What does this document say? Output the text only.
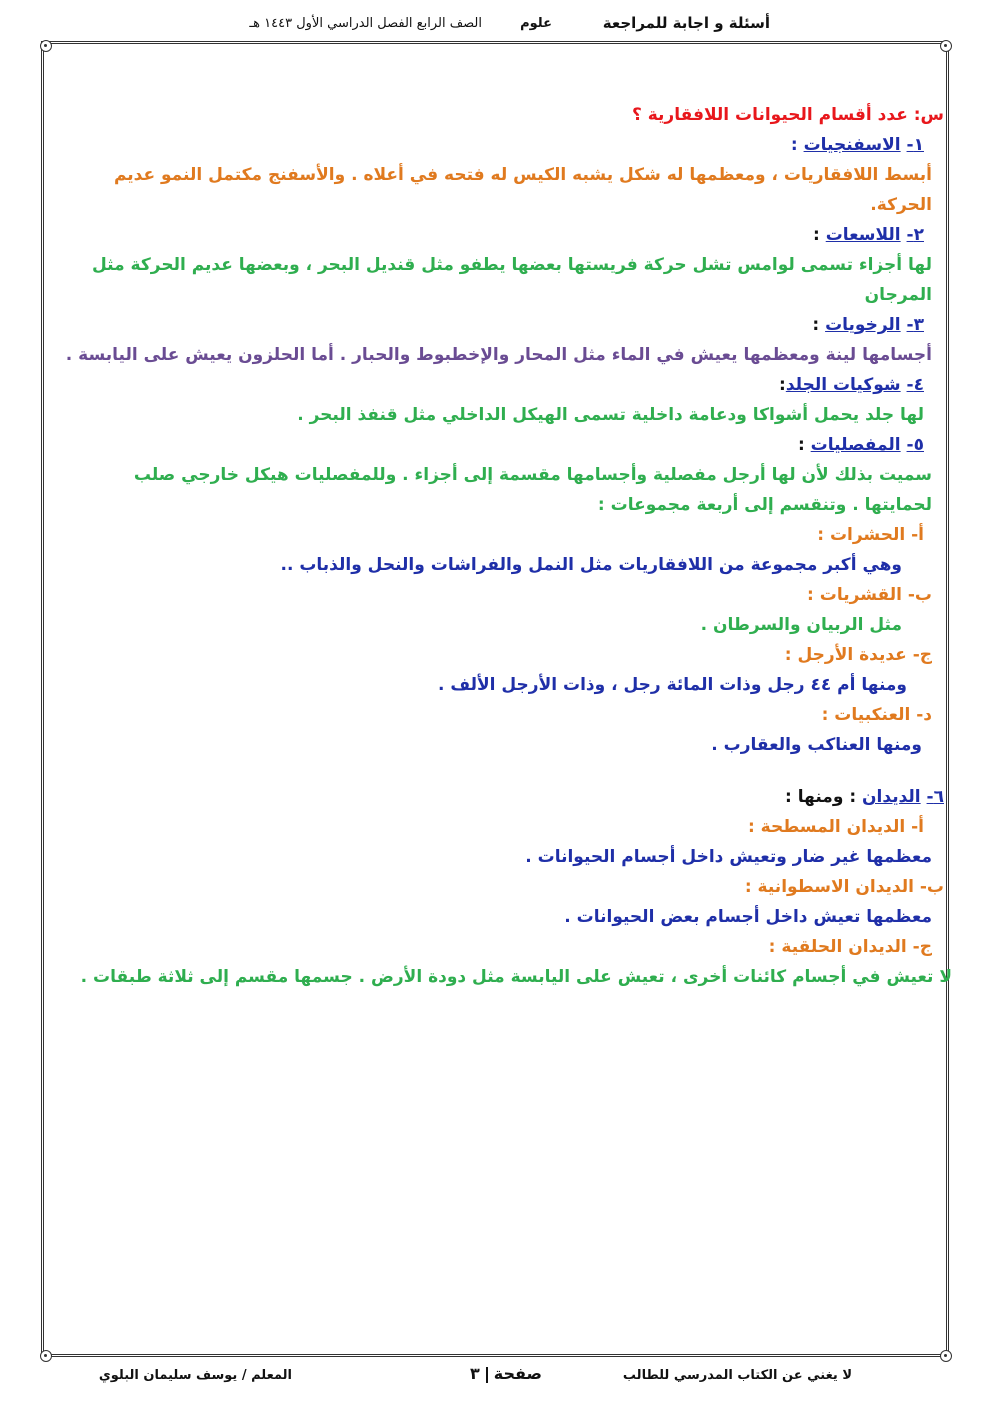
أسئلة و اجابة للمراجعة
علوم
الصف الرابع الفصل الدراسي الأول ١٤٤٣ هـ
س: عدد أقسام الحيوانات اللافقارية ؟
١- الاسفنجيات :
أبسط اللافقاريات ، ومعظمها له شكل يشبه الكيس له فتحه في أعلاه . والأسفنج مكتمل النمو عديم
الحركة.
٢- اللاسعات :
لها أجزاء تسمى لوامس تشل حركة فريستها بعضها يطفو مثل قنديل البحر ، وبعضها عديم الحركة مثل
المرجان
٣- الرخويات :
أجسامها لينة ومعظمها يعيش في الماء مثل المحار والإخطبوط والحبار . أما الحلزون يعيش على اليابسة .
٤- شوكيات الجلد:
لها جلد يحمل أشواكا ودعامة داخلية تسمى الهيكل الداخلي مثل قنفذ البحر .
٥- المفصليات :
سميت بذلك لأن لها أرجل مفصلية وأجسامها مقسمة إلى أجزاء . وللمفصليات هيكل خارجي صلب
لحمايتها . وتنقسم إلى أربعة مجموعات :
أ- الحشرات :
وهي أكبر مجموعة من اللافقاريات مثل النمل والفراشات والنحل والذباب ..
ب- القشريات :
مثل الربيان والسرطان .
ج- عديدة الأرجل :
ومنها أم ٤٤ رجل وذات المائة رجل ، وذات الأرجل الألف .
د- العنكبيات :
ومنها العناكب والعقارب .
٦- الديدان : ومنها :
أ- الديدان المسطحة :
معظمها غير ضار وتعيش داخل أجسام الحيوانات .
ب- الديدان الاسطوانية :
معظمها تعيش داخل أجسام بعض الحيوانات .
ج- الديدان الحلقية :
لا تعيش في أجسام كائنات أخرى ، تعيش على اليابسة مثل دودة الأرض . جسمها مقسم إلى ثلاثة طبقات .
لا يغني عن الكتاب المدرسي للطالب
صفحة٣
المعلم / يوسف سليمان البلوي
